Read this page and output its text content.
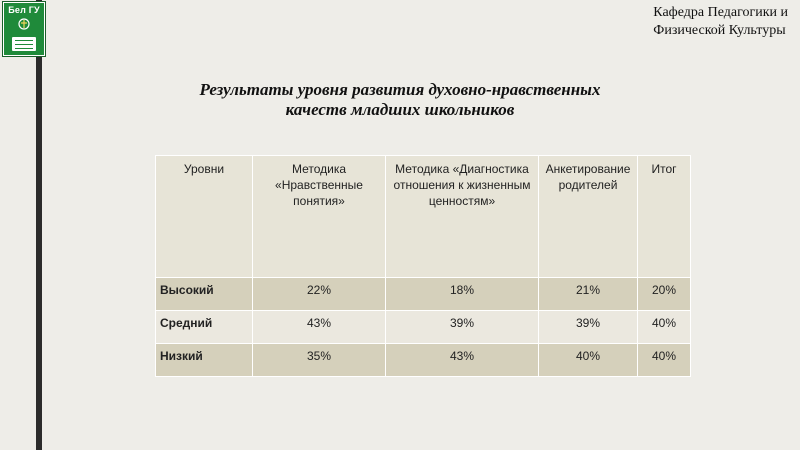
Бел ГУ	Кафедра Педагогики и
Физической Культуры
Результаты уровня развития духовно-нравственных
качеств младших школьников
Уровни	Методика «Нравственные понятия»	Методика «Диагностика отношения к жизненным ценностям»	Анкетирование родителей	Итог
Высокий	22%	18%	21%	20%
Средний	43%	39%	39%	40%
Низкий	35%	43%	40%	40%
